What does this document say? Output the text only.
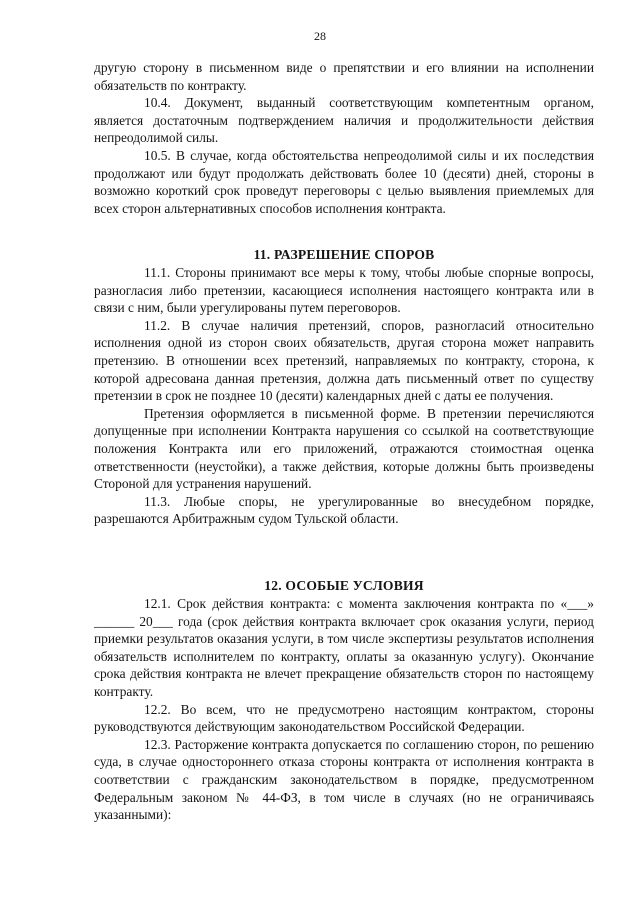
28

другую сторону в письменном виде о препятствии и его влиянии на исполнении обязательств по контракту.

10.4. Документ, выданный соответствующим компетентным органом, является достаточным подтверждением наличия и продолжительности действия непреодолимой силы.

10.5. В случае, когда обстоятельства непреодолимой силы и их последствия продолжают или будут продолжать действовать более 10 (десяти) дней, стороны в возможно короткий срок проведут переговоры с целью выявления приемлемых для всех сторон альтернативных способов исполнения контракта.

11. РАЗРЕШЕНИЕ СПОРОВ

11.1. Стороны принимают все меры к тому, чтобы любые спорные вопросы, разногласия либо претензии, касающиеся исполнения настоящего контракта или в связи с ним, были урегулированы путем переговоров.

11.2. В случае наличия претензий, споров, разногласий относительно исполнения одной из сторон своих обязательств, другая сторона может направить претензию. В отношении всех претензий, направляемых по контракту, сторона, к которой адресована данная претензия, должна дать письменный ответ по существу претензии в срок не позднее 10 (десяти) календарных дней с даты ее получения.

Претензия оформляется в письменной форме. В претензии перечисляются допущенные при исполнении Контракта нарушения со ссылкой на соответствующие положения Контракта или его приложений, отражаются стоимостная оценка ответственности (неустойки), а также действия, которые должны быть произведены Стороной для устранения нарушений.

11.3. Любые споры, не урегулированные во внесудебном порядке, разрешаются Арбитражным судом Тульской области.

12. ОСОБЫЕ УСЛОВИЯ

12.1. Срок действия контракта: с момента заключения контракта по «___» ______ 20___ года (срок действия контракта включает срок оказания услуги, период приемки результатов оказания услуги, в том числе экспертизы результатов исполнения обязательств исполнителем по контракту, оплаты за оказанную услугу). Окончание срока действия контракта не влечет прекращение обязательств сторон по настоящему контракту.

12.2. Во всем, что не предусмотрено настоящим контрактом, стороны руководствуются действующим законодательством Российской Федерации.

12.3. Расторжение контракта допускается по соглашению сторон, по решению суда, в случае одностороннего отказа стороны контракта от исполнения контракта в соответствии с гражданским законодательством в порядке, предусмотренном Федеральным законом № 44-ФЗ, в том числе в случаях (но не ограничиваясь указанными):
